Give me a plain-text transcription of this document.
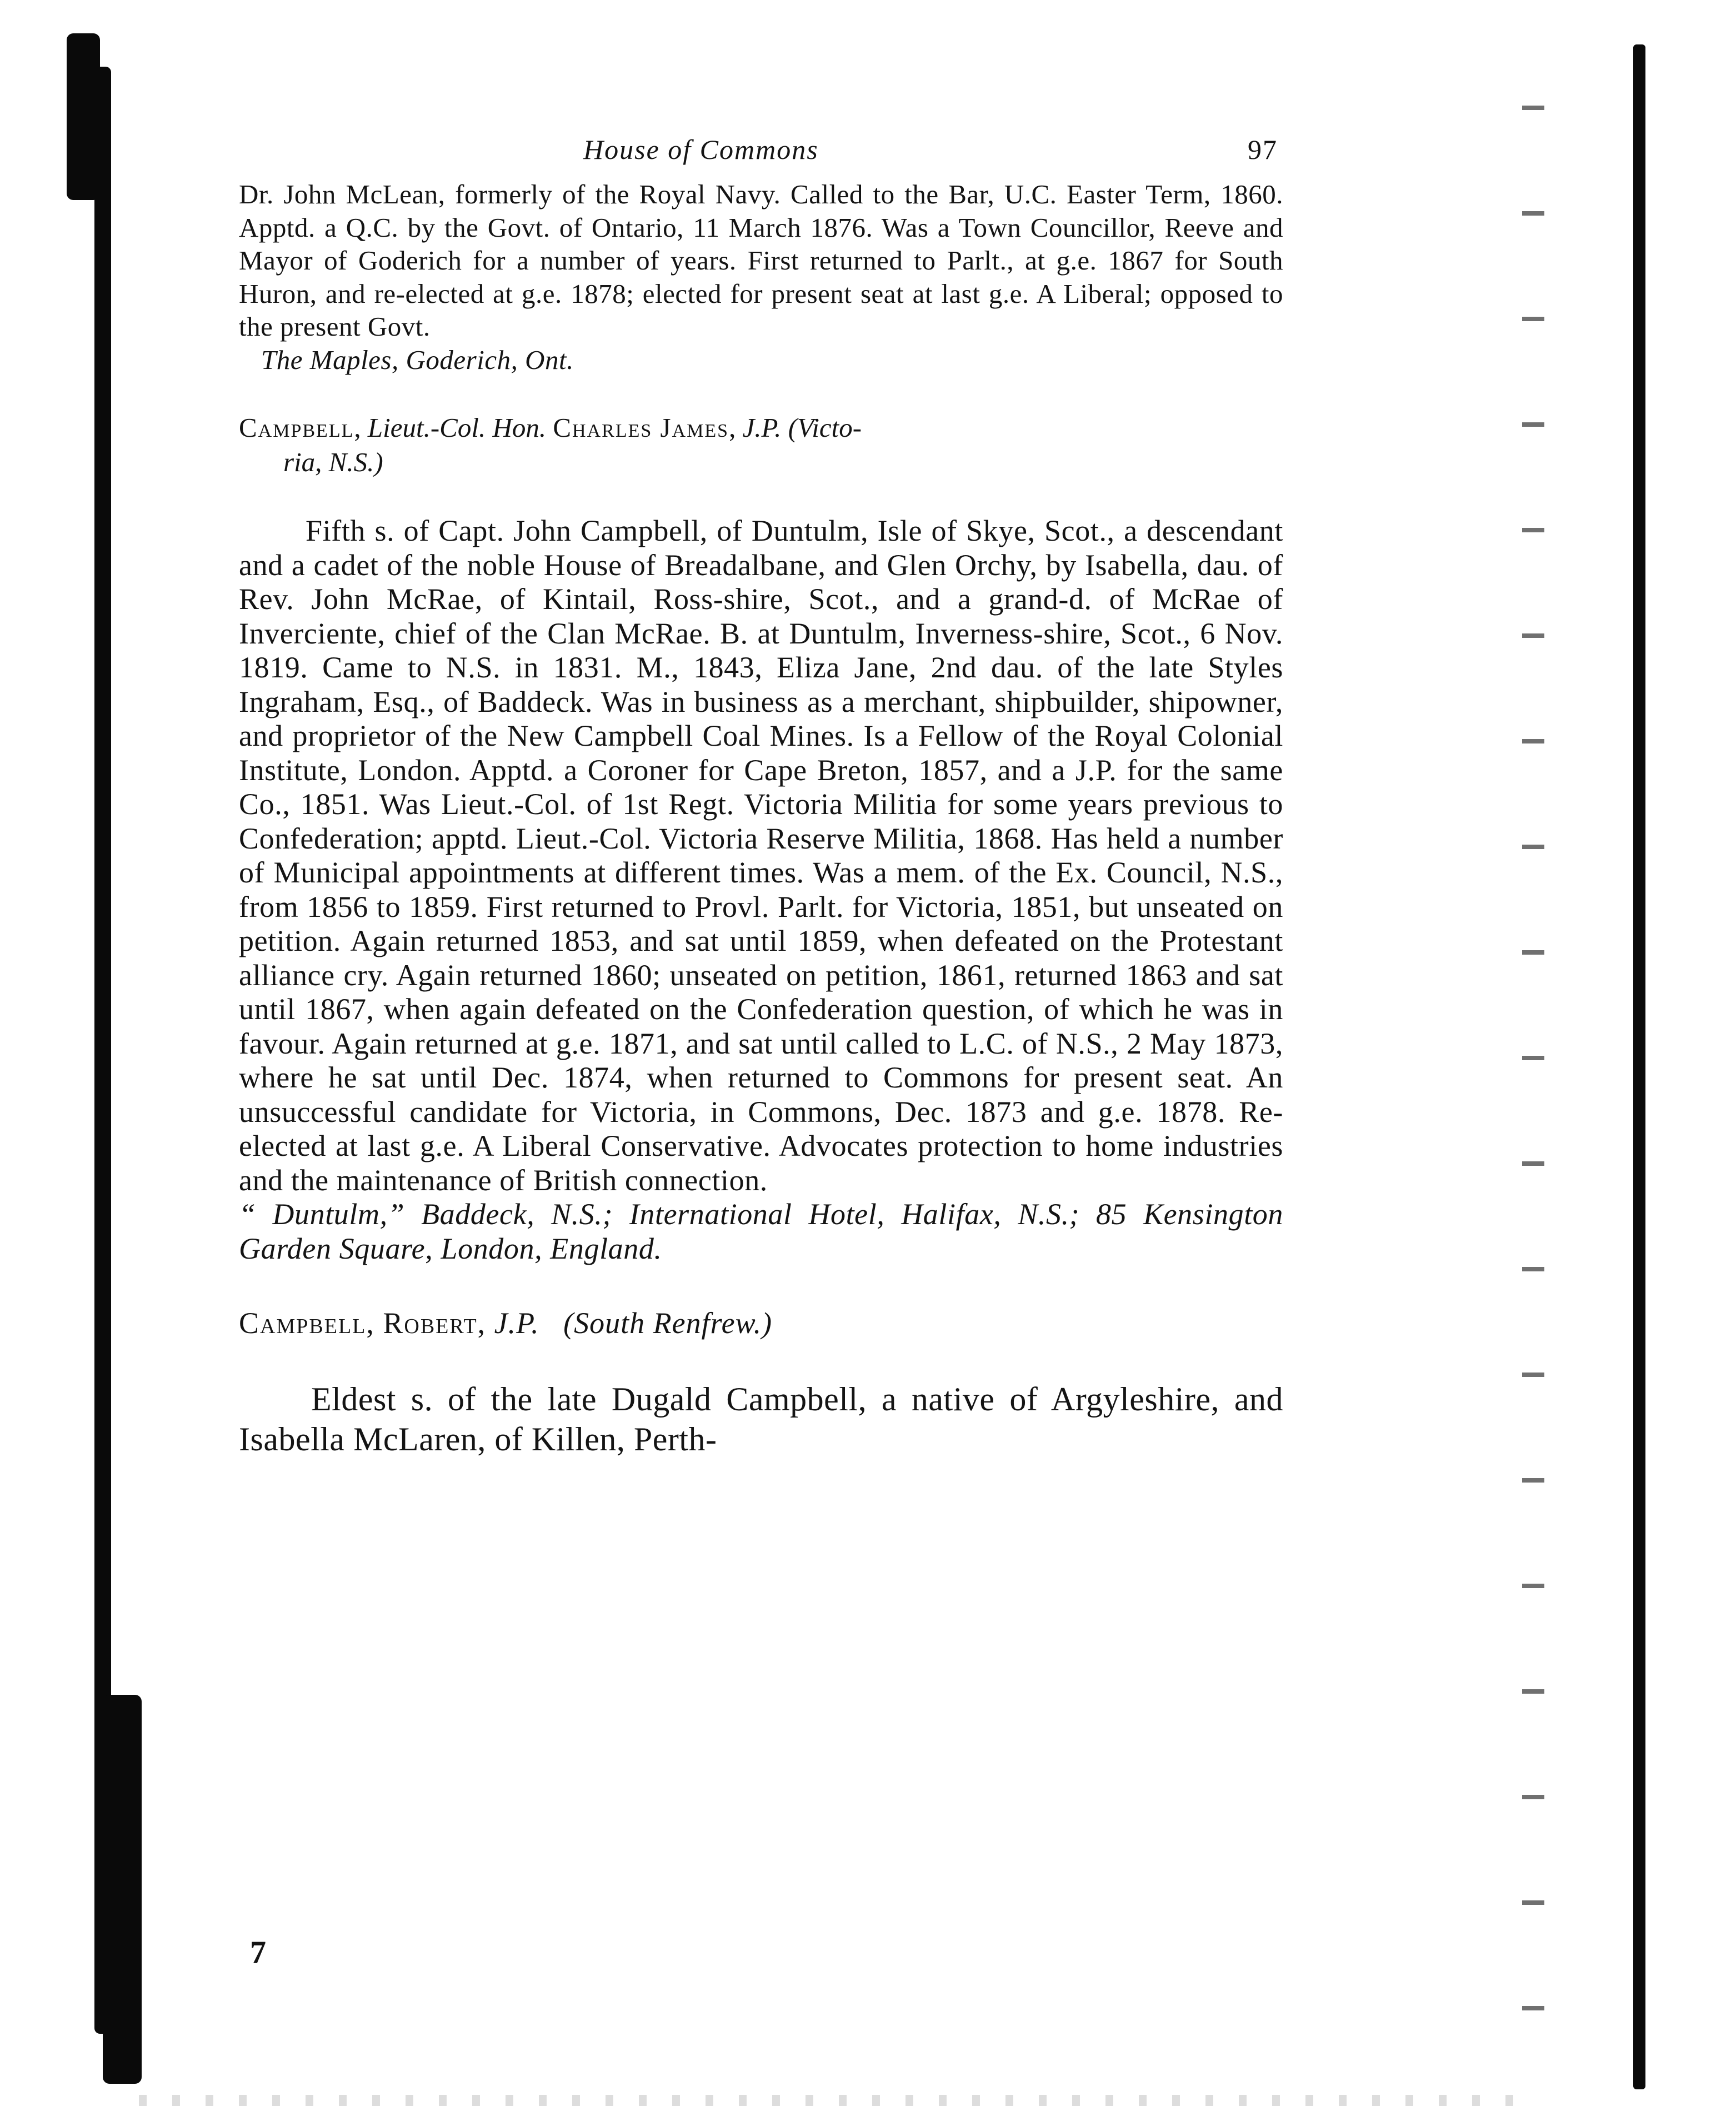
House of Commons	97

Dr. John McLean, formerly of the Royal Navy. Called to the Bar, U.C. Easter Term, 1860. Apptd. a Q.C. by the Govt. of Ontario, 11 March 1876. Was a Town Councillor, Reeve and Mayor of Goderich for a number of years. First returned to Parlt., at g.e. 1867 for South Huron, and re-elected at g.e. 1878; elected for present seat at last g.e. A Liberal; opposed to the present Govt.

The Maples, Goderich, Ont.

Campbell, Lieut.-Col. Hon. Charles James, J.P. (Victo-
ria, N.S.)

Fifth s. of Capt. John Campbell, of Duntulm, Isle of Skye, Scot., a descendant and a cadet of the noble House of Breadalbane, and Glen Orchy, by Isabella, dau. of Rev. John McRae, of Kintail, Ross-shire, Scot., and a grand-d. of McRae of Inverciente, chief of the Clan McRae. B. at Duntulm, Inverness-shire, Scot., 6 Nov. 1819. Came to N.S. in 1831. M., 1843, Eliza Jane, 2nd dau. of the late Styles Ingraham, Esq., of Baddeck. Was in business as a merchant, shipbuilder, shipowner, and proprietor of the New Campbell Coal Mines. Is a Fellow of the Royal Colonial Institute, London. Apptd. a Coroner for Cape Breton, 1857, and a J.P. for the same Co., 1851. Was Lieut.-Col. of 1st Regt. Victoria Militia for some years previous to Confederation; apptd. Lieut.-Col. Victoria Reserve Militia, 1868. Has held a number of Municipal appointments at different times. Was a mem. of the Ex. Council, N.S., from 1856 to 1859. First returned to Provl. Parlt. for Victoria, 1851, but unseated on petition. Again returned 1853, and sat until 1859, when defeated on the Protestant alliance cry. Again returned 1860; unseated on petition, 1861, returned 1863 and sat until 1867, when again defeated on the Confederation question, of which he was in favour. Again returned at g.e. 1871, and sat until called to L.C. of N.S., 2 May 1873, where he sat until Dec. 1874, when returned to Commons for present seat. An unsuccessful candidate for Victoria, in Commons, Dec. 1873 and g.e. 1878. Re-elected at last g.e. A Liberal Conservative. Advocates protection to home industries and the maintenance of British connection.

“ Duntulm,” Baddeck, N.S.; International Hotel, Halifax, N.S.; 85 Kensington Garden Square, London, England.

Campbell, Robert, J.P. (South Renfrew.)

Eldest s. of the late Dugald Campbell, a native of Argyleshire, and Isabella McLaren, of Killen, Perth-

7
